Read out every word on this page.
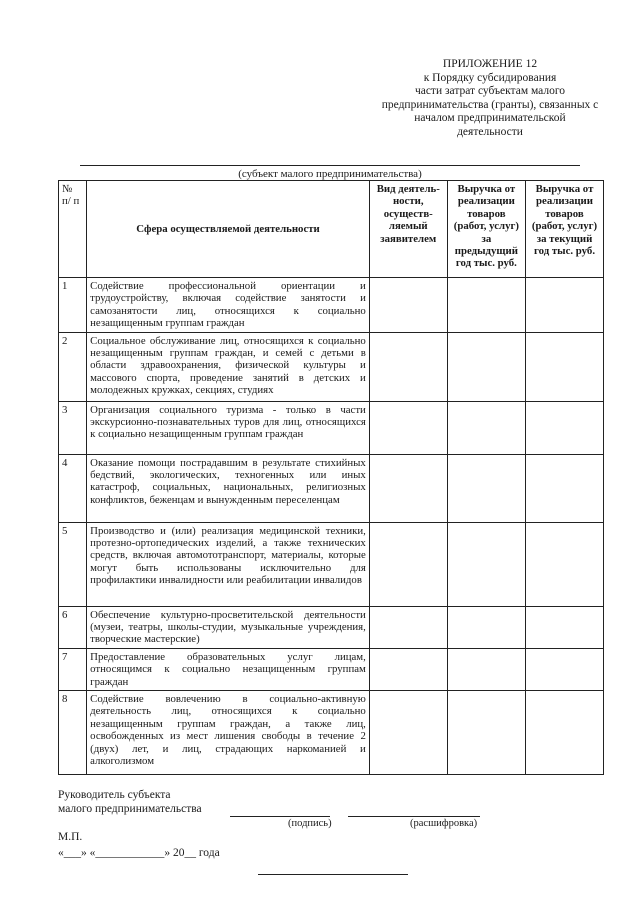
ПРИЛОЖЕНИЕ 12
к Порядку субсидирования
части затрат субъектам малого
предпринимательства (гранты), связанных с
началом предпринимательской
деятельности
(субъект малого предпринимательства)
№ п/ п	Сфера осуществляемой деятельности	Вид деятель-ности, осуществ-ляемый заявителем	Выручка от реализации товаров (работ, услуг) за предыдущий год тыс. руб.	Выручка от реализации товаров (работ, услуг) за текущий год тыс. руб.
1	Содействие профессиональной ориентации и трудоустройству, включая содействие занятости и самозанятости лиц, относящихся к социально незащищенным группам граждан			
2	Социальное обслуживание лиц, относящихся к социально незащищенным группам граждан, и семей с детьми в области здравоохранения, физической культуры и массового спорта, проведение занятий в детских и молодежных кружках, секциях, студиях			
3	Организация социального туризма - только в части экскурсионно-познавательных туров для лиц, относящихся к социально незащищенным группам граждан			
4	Оказание помощи пострадавшим в результате стихийных бедствий, экологических, техногенных или иных катастроф, социальных, национальных, религиозных конфликтов, беженцам и вынужденным переселенцам			
5	Производство и (или) реализация медицинской техники, протезно-ортопедических изделий, а также технических средств, включая автомототранспорт, материалы, которые могут быть использованы исключительно для профилактики инвалидности или реабилитации инвалидов			
6	Обеспечение культурно-просветительской деятельности (музеи, театры, школы-студии, музыкальные учреждения, творческие мастерские)			
7	Предоставление образовательных услуг лицам, относящимся к социально незащищенным группам граждан			
8	Содействие вовлечению в социально-активную деятельность лиц, относящихся к социально незащищенным группам граждан, а также лиц, освобожденных из мест лишения свободы в течение 2 (двух) лет, и лиц, страдающих наркоманией и алкоголизмом			
Руководитель субъекта
малого предпринимательства
(подпись)	(расшифровка)
М.П.
«___» «____________» 20__ года
